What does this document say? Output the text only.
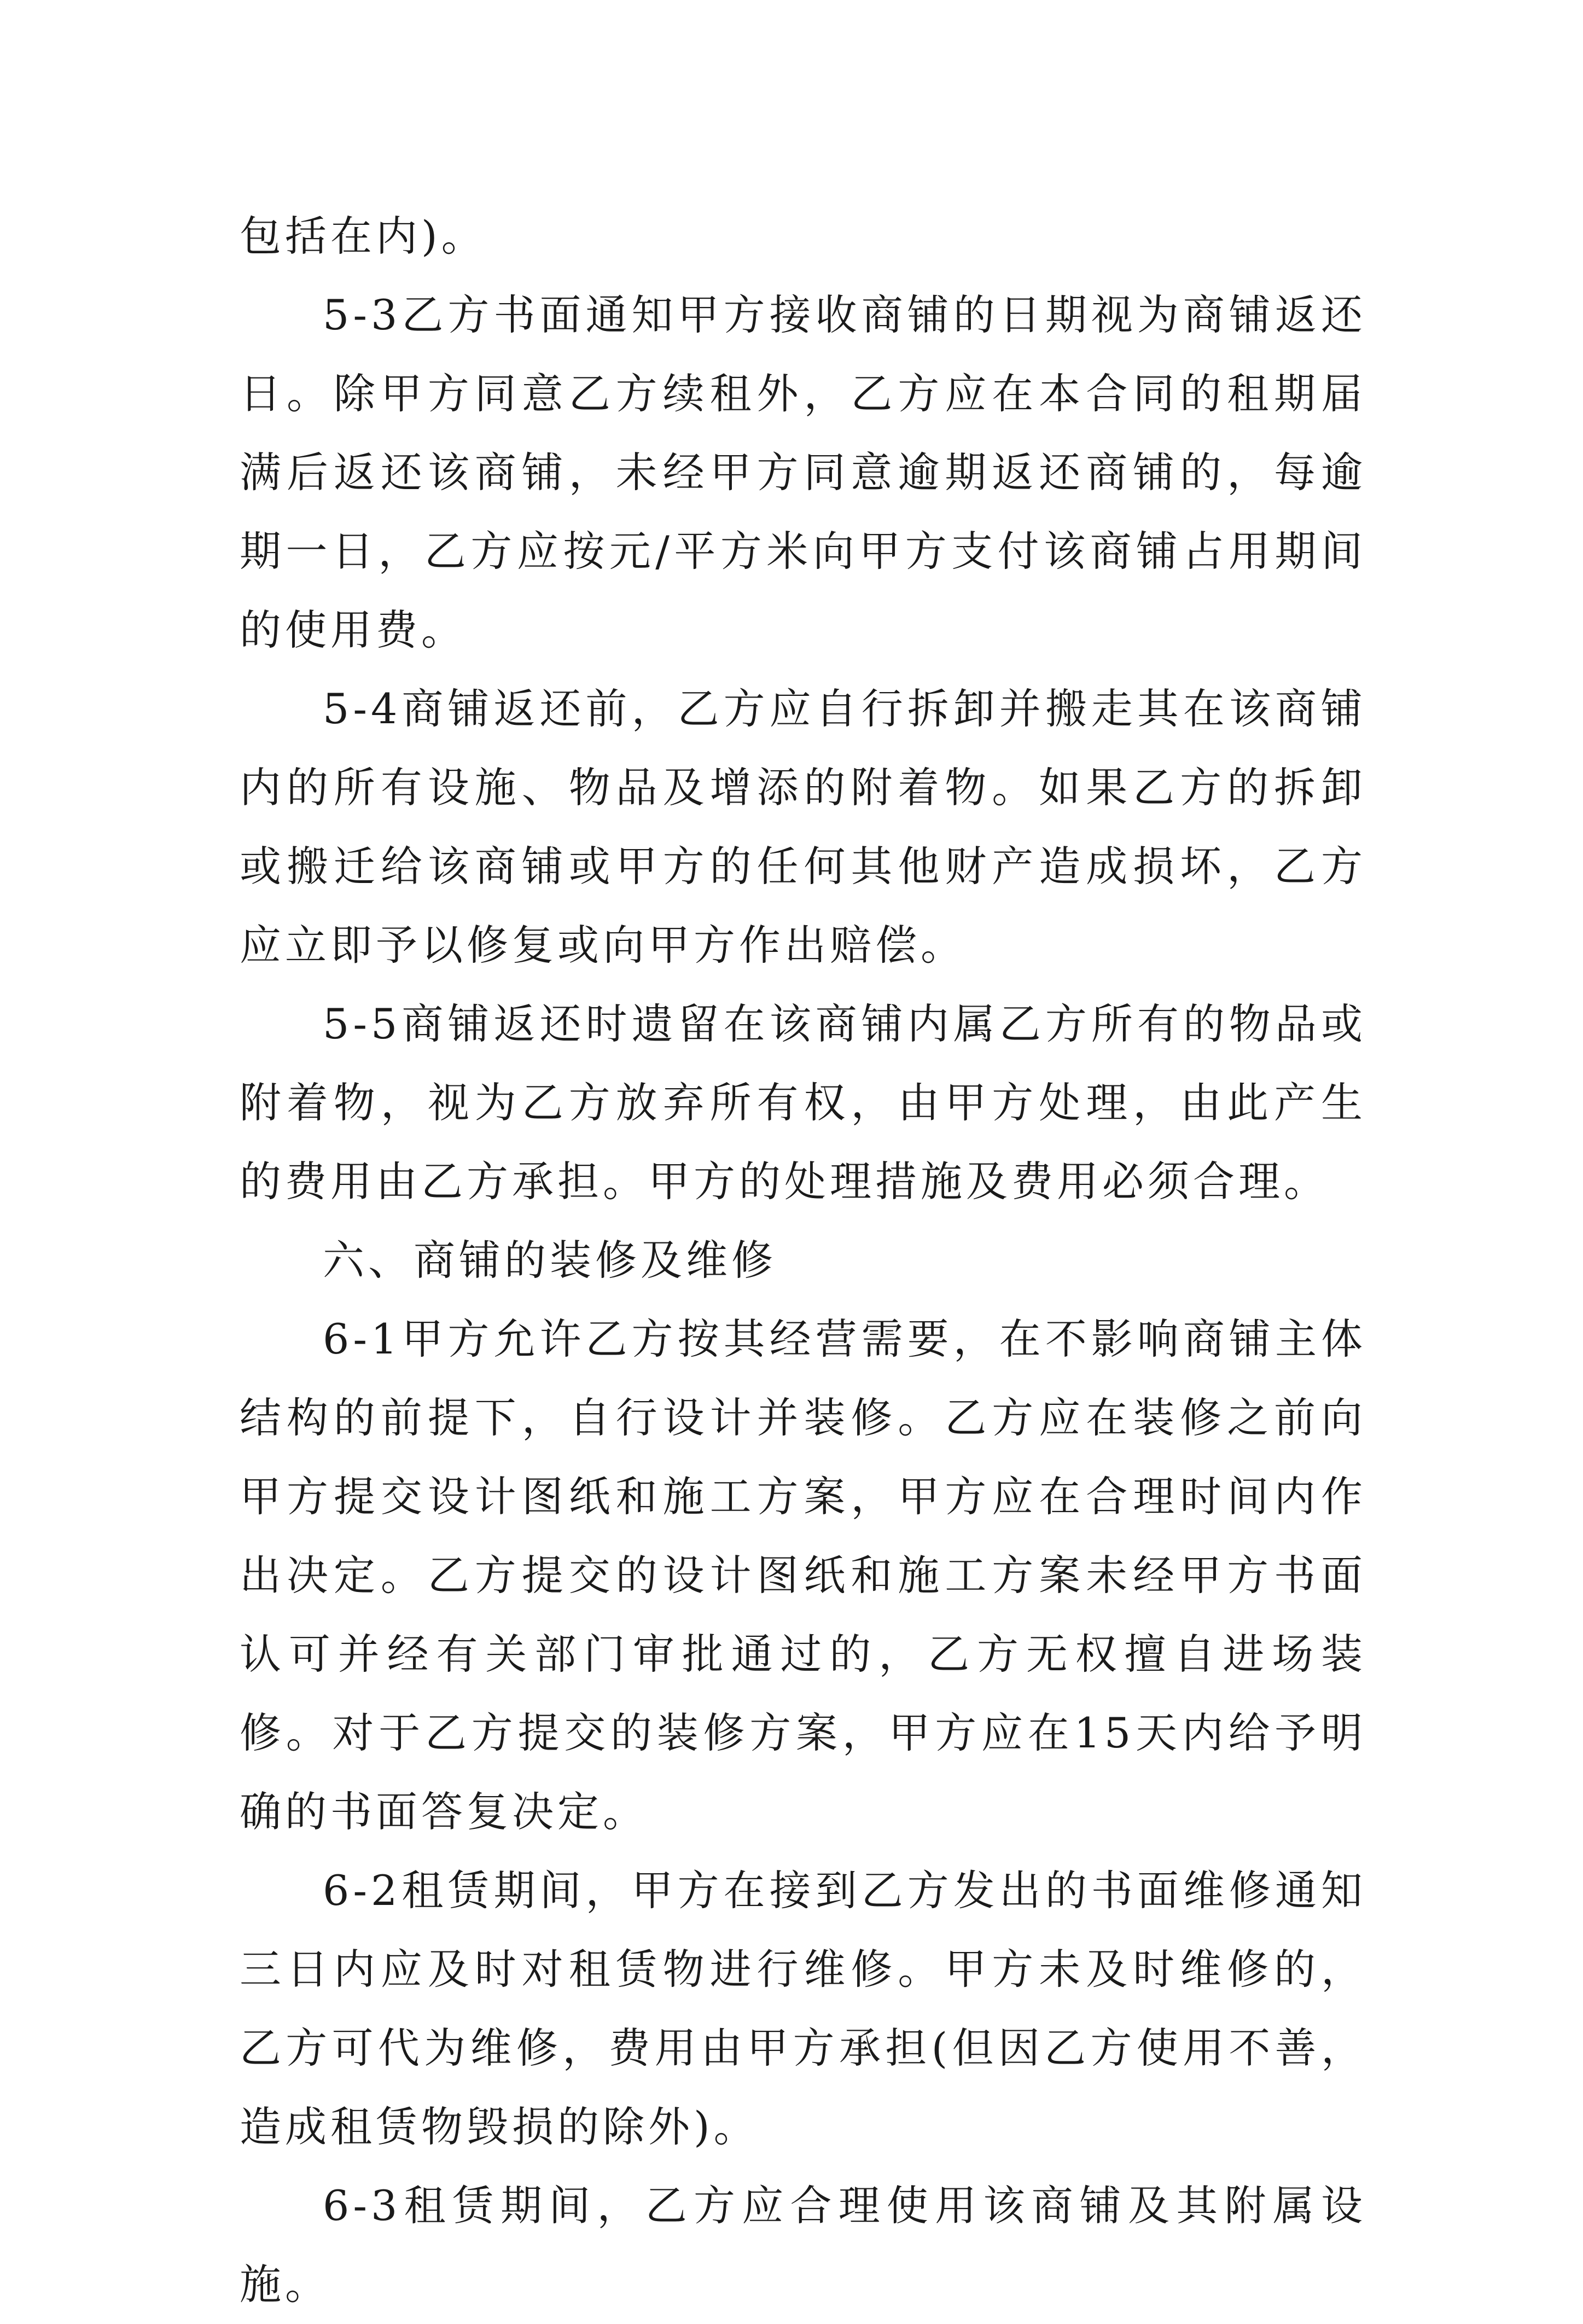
包括在内)。

5-3乙方书面通知甲方接收商铺的日期视为商铺返还日。除甲方同意乙方续租外，乙方应在本合同的租期届满后返还该商铺，未经甲方同意逾期返还商铺的，每逾期一日，乙方应按元/平方米向甲方支付该商铺占用期间的使用费。

5-4商铺返还前，乙方应自行拆卸并搬走其在该商铺内的所有设施、物品及增添的附着物。如果乙方的拆卸或搬迁给该商铺或甲方的任何其他财产造成损坏，乙方应立即予以修复或向甲方作出赔偿。

5-5商铺返还时遗留在该商铺内属乙方所有的物品或附着物，视为乙方放弃所有权，由甲方处理，由此产生的费用由乙方承担。甲方的处理措施及费用必须合理。

六、商铺的装修及维修

6-1甲方允许乙方按其经营需要，在不影响商铺主体结构的前提下，自行设计并装修。乙方应在装修之前向甲方提交设计图纸和施工方案，甲方应在合理时间内作出决定。乙方提交的设计图纸和施工方案未经甲方书面认可并经有关部门审批通过的，乙方无权擅自进场装修。对于乙方提交的装修方案，甲方应在15天内给予明确的书面答复决定。

6-2租赁期间，甲方在接到乙方发出的书面维修通知三日内应及时对租赁物进行维修。甲方未及时维修的，乙方可代为维修，费用由甲方承担(但因乙方使用不善，造成租赁物毁损的除外)。

6-3租赁期间，乙方应合理使用该商铺及其附属设施。
